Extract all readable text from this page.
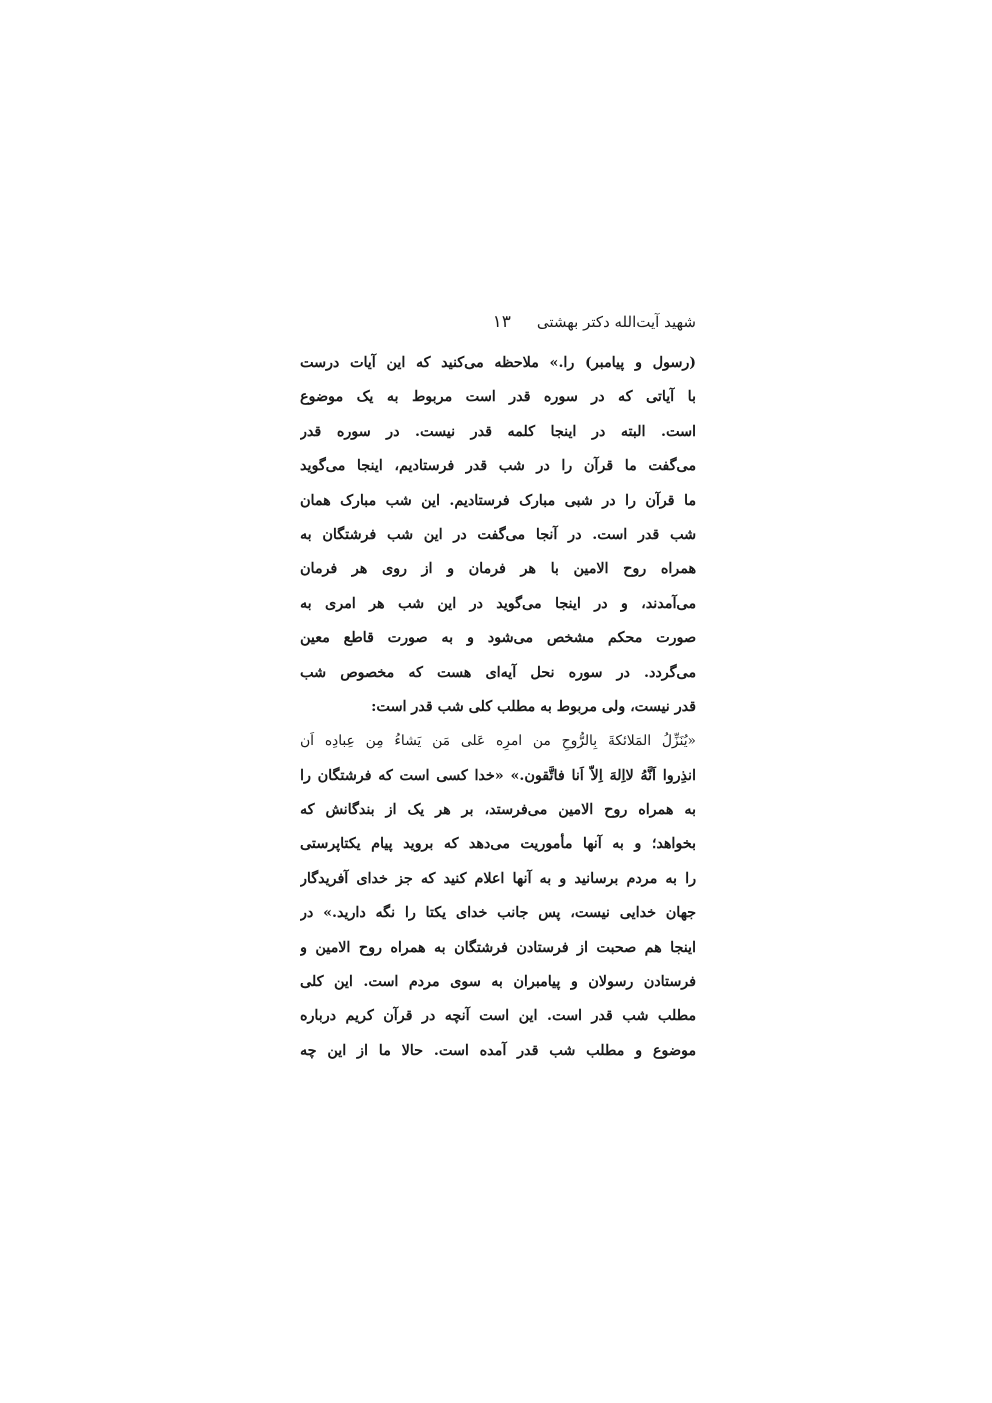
شهید آیت‌الله دکتر بهشتی
۱۳
(رسول و پیامبر) را.» ملاحظه می‌کنید که این آیات درست
با آیاتی که در سوره قدر است مربوط به یک موضوع
است. البته در اینجا کلمه قدر نیست. در سوره قدر
می‌گفت ما قرآن را در شب قدر فرستادیم، اینجا می‌گوید
ما قرآن را در شبی مبارک فرستادیم. این شب مبارک همان
شب قدر است. در آنجا می‌گفت در این شب فرشتگان به
همراه روح الامین با هر فرمان و از روی هر فرمان
می‌آمدند، و در اینجا می‌گوید در این شب هر امری به
صورت محکم مشخص می‌شود و به صورت قاطع معین
می‌گردد. در سوره نحل آیه‌ای هست که مخصوص شب
قدر نیست، ولی مربوط به مطلب کلی شب قدر است:
«یُنَزِّلُ المَلائکةَ بِالرُّوحِ من امرِه عَلی مَن یَشاءُ مِن عِبادِه اَن
انذِروا اَنَّهُ لااِلهَ اِلاّ اَنا فاتَّقون.» «خدا کسی است که فرشتگان را
به همراه روح الامین می‌فرستد، بر هر یک از بندگانش که
بخواهد؛ و به آنها مأموریت می‌دهد که بروید پیام یکتاپرستی
را به مردم برسانید و به آنها اعلام کنید که جز خدای آفریدگار
جهان خدایی نیست، پس جانب خدای یکتا را نگه دارید.» در
اینجا هم صحبت از فرستادن فرشتگان به همراه روح الامین و
فرستادن رسولان و پیامبران به سوی مردم است. این کلی
مطلب شب قدر است. این است آنچه در قرآن کریم درباره
موضوع و مطلب شب قدر آمده است. حالا ما از این چه
